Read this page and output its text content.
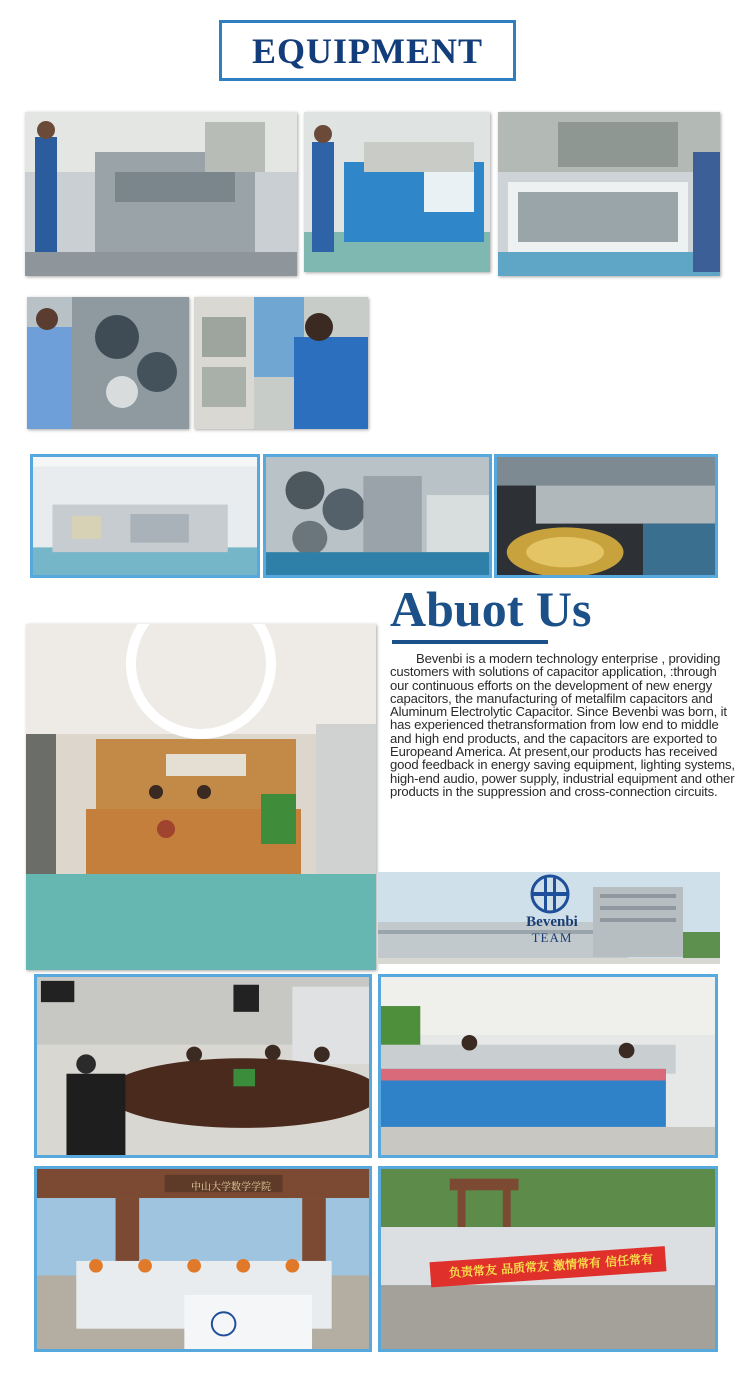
EQUIPMENT
Abuot Us
Bevenbi is a modern technology enterprise , providing customers with solutions of capacitor application, :through our continuous efforts on the development of new energy capacitors, the manufacturing of metalfilm capacitors and Aluminum Electrolytic Capacitor. Since Bevenbi was born, it has experienced thetransformation from low end to middle and high end products, and the capacitors are exported to Europeand America. At present,our products has received good feedback in energy saving equipment, lighting systems, high-end audio, power supply, industrial equipment and other products in the suppression and cross-connection circuits.
Bevenbi
TEAM
中山大学数学学院
负责常友 品质常友 激情常有 信任常有
